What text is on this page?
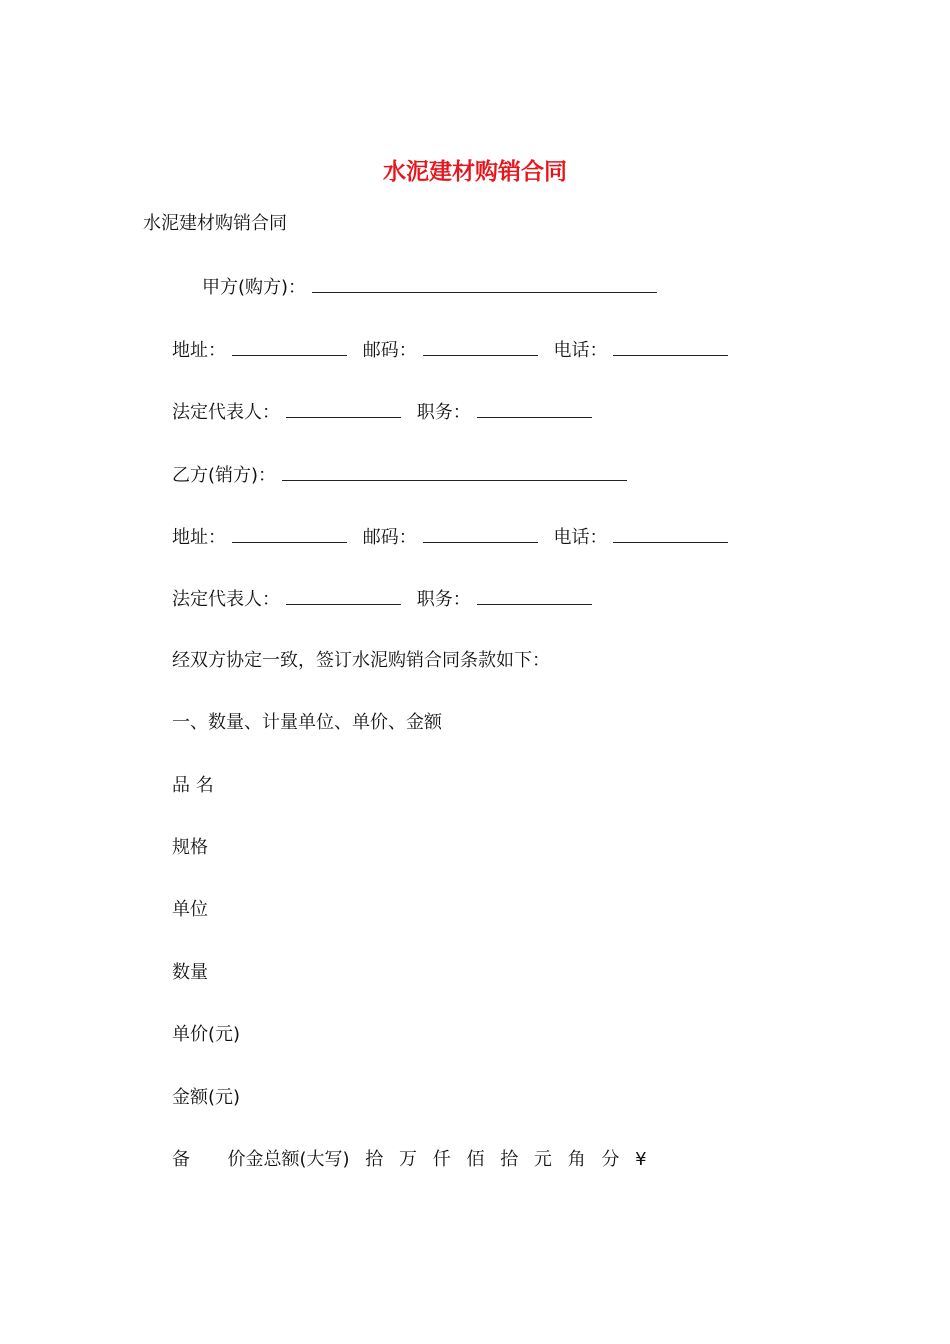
水泥建材购销合同
水泥建材购销合同
甲方(购方)：
地址：	邮码：	电话：
法定代表人：	职务：
乙方(销方)：
地址：	邮码：	电话：
法定代表人：	职务：
经双方协定一致，签订水泥购销合同条款如下：
一、数量、计量单位、单价、金额
品 名
规格
单位
数量
单价(元)
金额(元)
备 价金总额(大写) 拾 万 仟 佰 拾 元 角 分 ¥
